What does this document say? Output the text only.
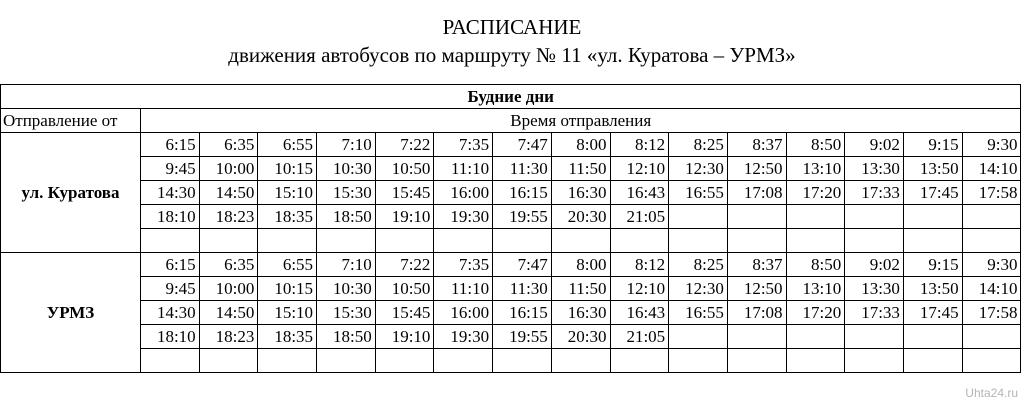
РАСПИСАНИЕ
движения автобусов по маршруту № 11 «ул. Куратова – УРМЗ»
Будние дни															
Отправление от	Время отправления														
ул. Куратова	6:15	6:35	6:55	7:10	7:22	7:35	7:47	8:00	8:12	8:25	8:37	8:50	9:02	9:15	9:30
	9:45	10:00	10:15	10:30	10:50	11:10	11:30	11:50	12:10	12:30	12:50	13:10	13:30	13:50	14:10
	14:30	14:50	15:10	15:30	15:45	16:00	16:15	16:30	16:43	16:55	17:08	17:20	17:33	17:45	17:58
	18:10	18:23	18:35	18:50	19:10	19:30	19:55	20:30	21:05						

УРМЗ	6:15	6:35	6:55	7:10	7:22	7:35	7:47	8:00	8:12	8:25	8:37	8:50	9:02	9:15	9:30
	9:45	10:00	10:15	10:30	10:50	11:10	11:30	11:50	12:10	12:30	12:50	13:10	13:30	13:50	14:10
	14:30	14:50	15:10	15:30	15:45	16:00	16:15	16:30	16:43	16:55	17:08	17:20	17:33	17:45	17:58
	18:10	18:23	18:35	18:50	19:10	19:30	19:55	20:30	21:05						

Uhta24.ru
